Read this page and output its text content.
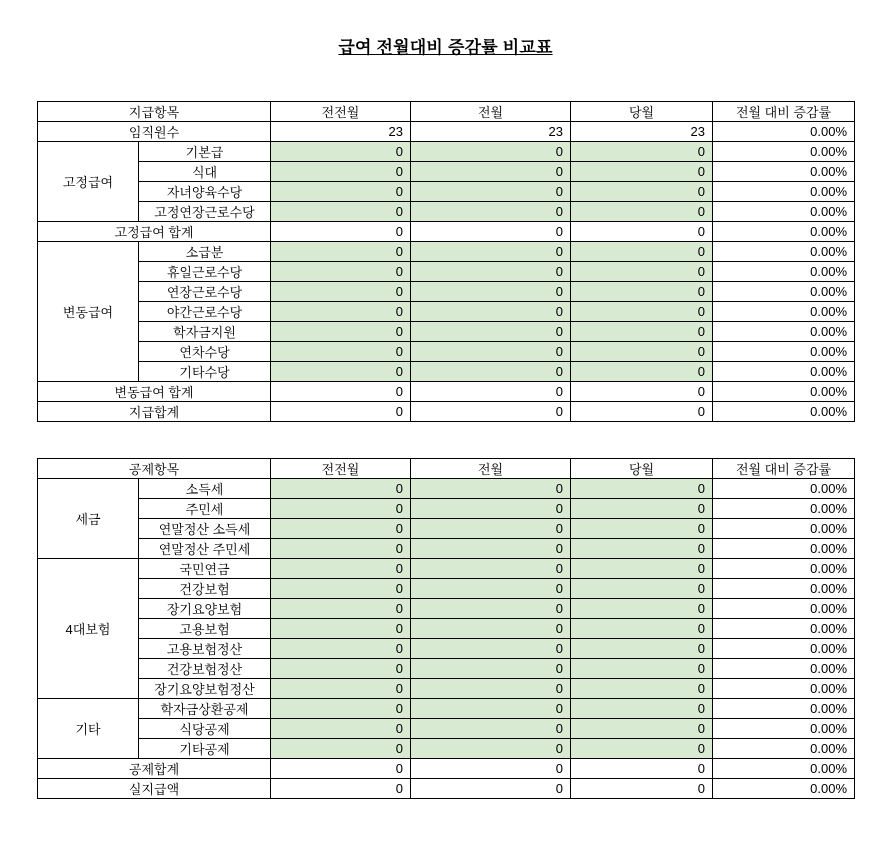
급여 전월대비 증감률 비교표
지급항목		전전월	전월	당월	전월 대비 증감률
임직원수		23	23	23	0.00%
고정급여	기본급	0	0	0	0.00%
	식대	0	0	0	0.00%
	자녀양육수당	0	0	0	0.00%
	고정연장근로수당	0	0	0	0.00%
고정급여 합계		0	0	0	0.00%
변동급여	소급분	0	0	0	0.00%
	휴일근로수당	0	0	0	0.00%
	연장근로수당	0	0	0	0.00%
	야간근로수당	0	0	0	0.00%
	학자금지원	0	0	0	0.00%
	연차수당	0	0	0	0.00%
	기타수당	0	0	0	0.00%
변동급여 합계		0	0	0	0.00%
지급합계		0	0	0	0.00%
공제항목		전전월	전월	당월	전월 대비 증감률
세금	소득세	0	0	0	0.00%
	주민세	0	0	0	0.00%
	연말정산 소득세	0	0	0	0.00%
	연말정산 주민세	0	0	0	0.00%
4대보험	국민연금	0	0	0	0.00%
	건강보험	0	0	0	0.00%
	장기요양보험	0	0	0	0.00%
	고용보험	0	0	0	0.00%
	고용보험정산	0	0	0	0.00%
	건강보험정산	0	0	0	0.00%
	장기요양보험정산	0	0	0	0.00%
기타	학자금상환공제	0	0	0	0.00%
	식당공제	0	0	0	0.00%
	기타공제	0	0	0	0.00%
공제합계		0	0	0	0.00%
실지급액		0	0	0	0.00%
